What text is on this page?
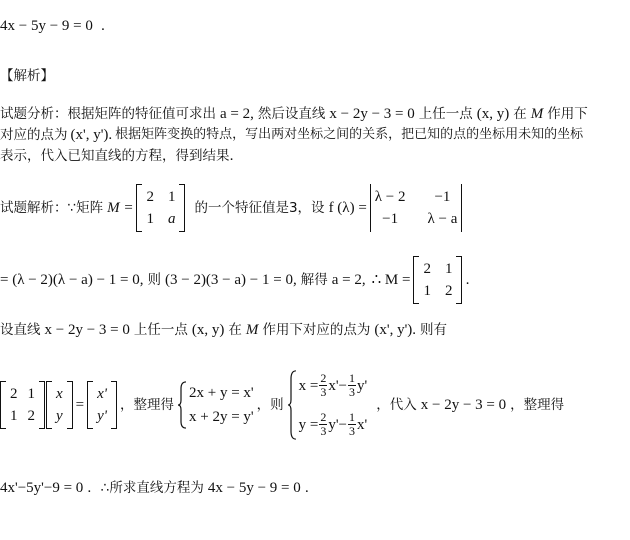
4x − 5y − 9 = 0 ．
【解析】
试题分析： 根据矩阵的特征值可求出 a = 2, 然后设直线 x − 2y − 3 = 0 上任一点 (x, y) 在 M 作用下
对应的点为 (x', y'). 根据矩阵变换的特点，写出两对坐标之间的关系，把已知的点的坐标用未知的坐标
表示，代入已知直线的方程，得到结果．
试题解析：∵矩阵 M =
2 1
1 a
的一个特征值是3，设 f (λ) =
λ − 2	−1
−1	λ − a
= (λ − 2)(λ − a) − 1 = 0, 则 (3 − 2)(3 − a) − 1 = 0, 解得 a = 2, ∴ M =
2 1
1 2
．
设直线 x − 2y − 3 = 0 上任一点 (x, y) 在 M 作用下对应的点为 (x', y'). 则有
2 1
1 2
x
y
=
x'
y'
，整理得
2x + y = x'
x + 2y = y'
，则
$x = \frac{2}{3} x'- \frac{1}{3} y'$
$y = \frac{2}{3} y'- \frac{1}{3} x'$
，代入 x − 2y − 3 = 0 ，整理得
4x'−5y'−9 = 0 ．∴所求直线方程为 4x − 5y − 9 = 0 ．
